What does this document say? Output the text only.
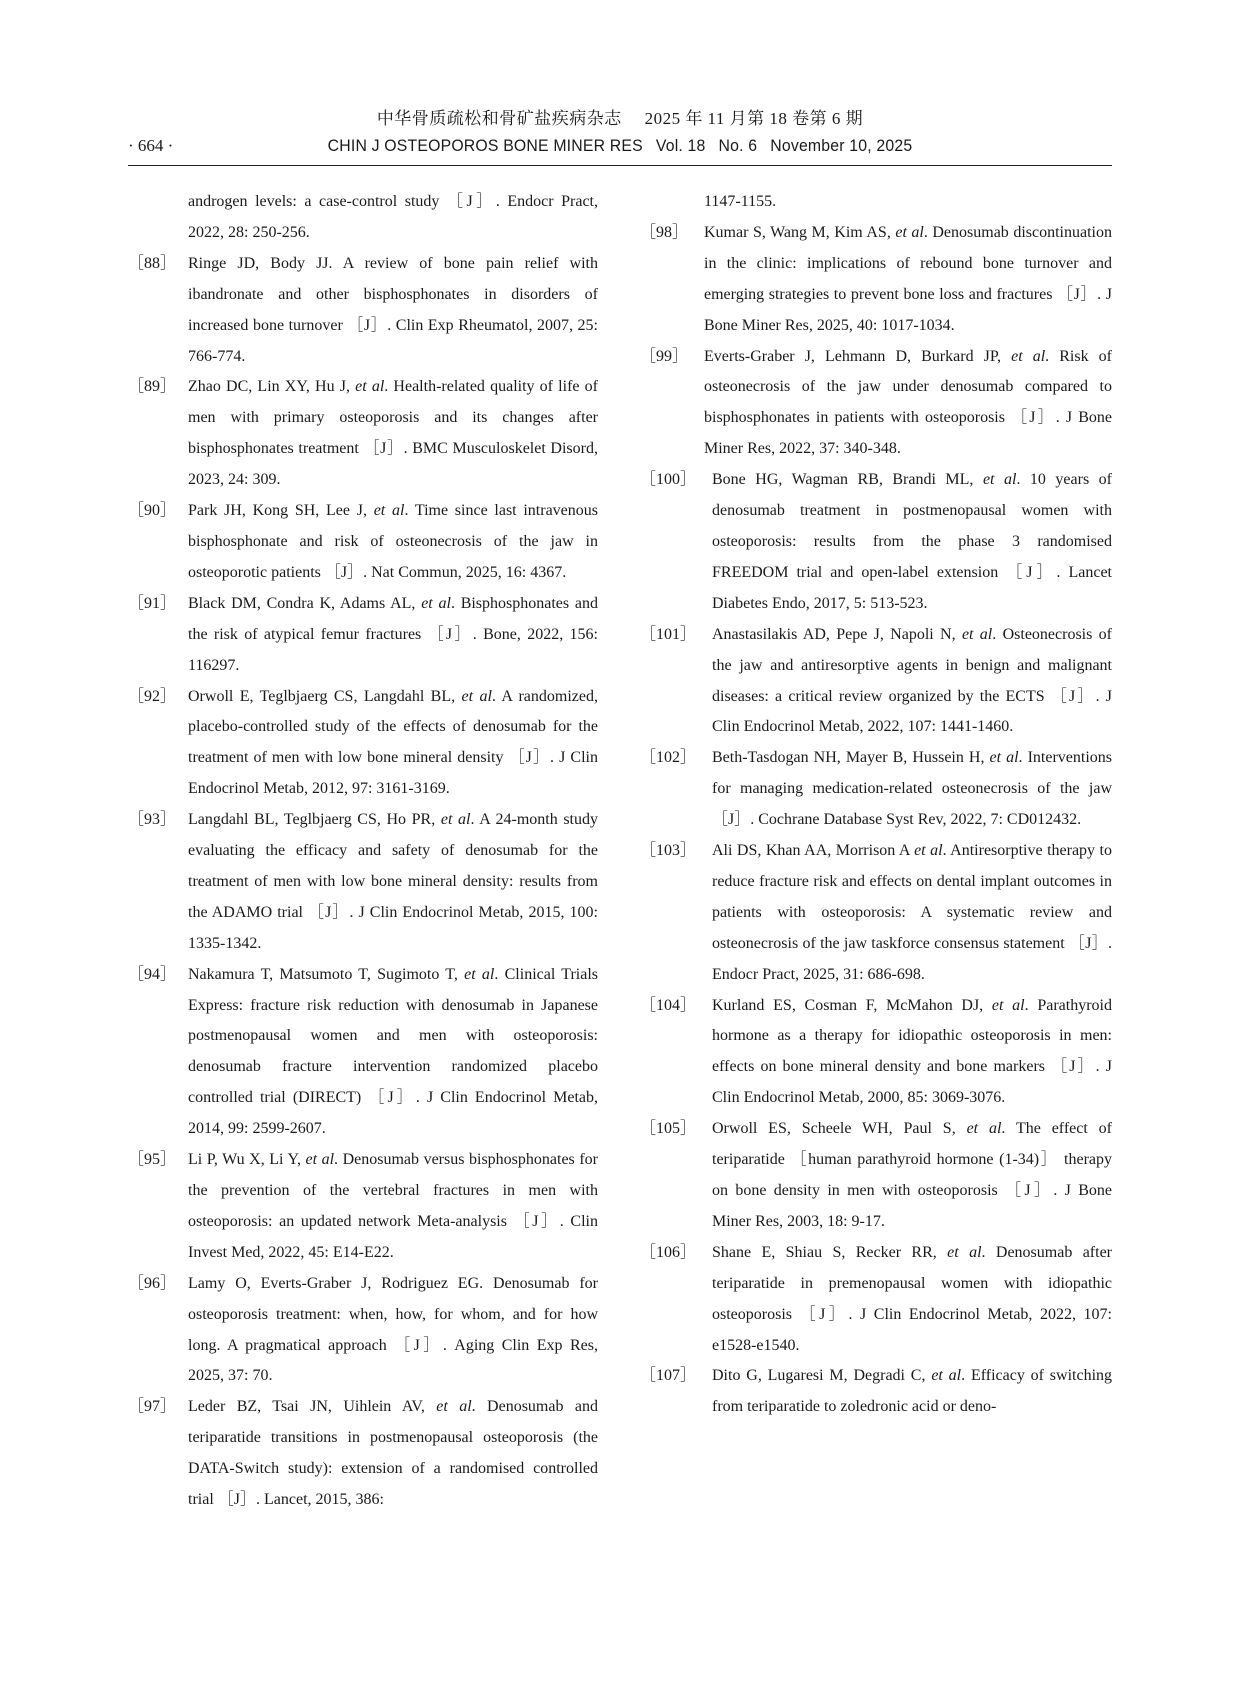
中华骨质疏松和骨矿盐疾病杂志 2025 年 11 月第 18 卷第 6 期
· 664 ·	CHIN J OSTEOPOROS BONE MINER RES Vol. 18 No. 6 November 10, 2025
androgen levels: a case-control study ［J］. Endocr Pract, 2022, 28: 250-256.
［88］ Ringe JD, Body JJ. A review of bone pain relief with ibandronate and other bisphosphonates in disorders of increased bone turnover ［J］. Clin Exp Rheumatol, 2007, 25: 766-774.
［89］ Zhao DC, Lin XY, Hu J, et al. Health-related quality of life of men with primary osteoporosis and its changes after bisphosphonates treatment ［J］. BMC Musculoskelet Disord, 2023, 24: 309.
［90］ Park JH, Kong SH, Lee J, et al. Time since last intravenous bisphosphonate and risk of osteonecrosis of the jaw in osteoporotic patients ［J］. Nat Commun, 2025, 16: 4367.
［91］ Black DM, Condra K, Adams AL, et al. Bisphosphonates and the risk of atypical femur fractures ［J］. Bone, 2022, 156: 116297.
［92］ Orwoll E, Teglbjaerg CS, Langdahl BL, et al. A randomized, placebo-controlled study of the effects of denosumab for the treatment of men with low bone mineral density ［J］. J Clin Endocrinol Metab, 2012, 97: 3161-3169.
［93］ Langdahl BL, Teglbjaerg CS, Ho PR, et al. A 24-month study evaluating the efficacy and safety of denosumab for the treatment of men with low bone mineral density: results from the ADAMO trial ［J］. J Clin Endocrinol Metab, 2015, 100: 1335-1342.
［94］ Nakamura T, Matsumoto T, Sugimoto T, et al. Clinical Trials Express: fracture risk reduction with denosumab in Japanese postmenopausal women and men with osteoporosis: denosumab fracture intervention randomized placebo controlled trial (DIRECT) ［J］. J Clin Endocrinol Metab, 2014, 99: 2599-2607.
［95］ Li P, Wu X, Li Y, et al. Denosumab versus bisphosphonates for the prevention of the vertebral fractures in men with osteoporosis: an updated network Meta-analysis ［J］. Clin Invest Med, 2022, 45: E14-E22.
［96］ Lamy O, Everts-Graber J, Rodriguez EG. Denosumab for osteoporosis treatment: when, how, for whom, and for how long. A pragmatical approach ［J］. Aging Clin Exp Res, 2025, 37: 70.
［97］ Leder BZ, Tsai JN, Uihlein AV, et al. Denosumab and teriparatide transitions in postmenopausal osteoporosis (the DATA-Switch study): extension of a randomised controlled trial ［J］. Lancet, 2015, 386:
1147-1155.
［98］ Kumar S, Wang M, Kim AS, et al. Denosumab discontinuation in the clinic: implications of rebound bone turnover and emerging strategies to prevent bone loss and fractures ［J］. J Bone Miner Res, 2025, 40: 1017-1034.
［99］ Everts-Graber J, Lehmann D, Burkard JP, et al. Risk of osteonecrosis of the jaw under denosumab compared to bisphosphonates in patients with osteoporosis ［J］. J Bone Miner Res, 2022, 37: 340-348.
［100］ Bone HG, Wagman RB, Brandi ML, et al. 10 years of denosumab treatment in postmenopausal women with osteoporosis: results from the phase 3 randomised FREEDOM trial and open-label extension ［J］. Lancet Diabetes Endo, 2017, 5: 513-523.
［101］ Anastasilakis AD, Pepe J, Napoli N, et al. Osteonecrosis of the jaw and antiresorptive agents in benign and malignant diseases: a critical review organized by the ECTS ［J］. J Clin Endocrinol Metab, 2022, 107: 1441-1460.
［102］ Beth-Tasdogan NH, Mayer B, Hussein H, et al. Interventions for managing medication-related osteonecrosis of the jaw ［J］. Cochrane Database Syst Rev, 2022, 7: CD012432.
［103］ Ali DS, Khan AA, Morrison A et al. Antiresorptive therapy to reduce fracture risk and effects on dental implant outcomes in patients with osteoporosis: A systematic review and osteonecrosis of the jaw taskforce consensus statement ［J］. Endocr Pract, 2025, 31: 686-698.
［104］ Kurland ES, Cosman F, McMahon DJ, et al. Parathyroid hormone as a therapy for idiopathic osteoporosis in men: effects on bone mineral density and bone markers ［J］. J Clin Endocrinol Metab, 2000, 85: 3069-3076.
［105］ Orwoll ES, Scheele WH, Paul S, et al. The effect of teriparatide ［human parathyroid hormone (1-34)］ therapy on bone density in men with osteoporosis ［J］. J Bone Miner Res, 2003, 18: 9-17.
［106］ Shane E, Shiau S, Recker RR, et al. Denosumab after teriparatide in premenopausal women with idiopathic osteoporosis ［J］. J Clin Endocrinol Metab, 2022, 107: e1528-e1540.
［107］ Dito G, Lugaresi M, Degradi C, et al. Efficacy of switching from teriparatide to zoledronic acid or deno-
